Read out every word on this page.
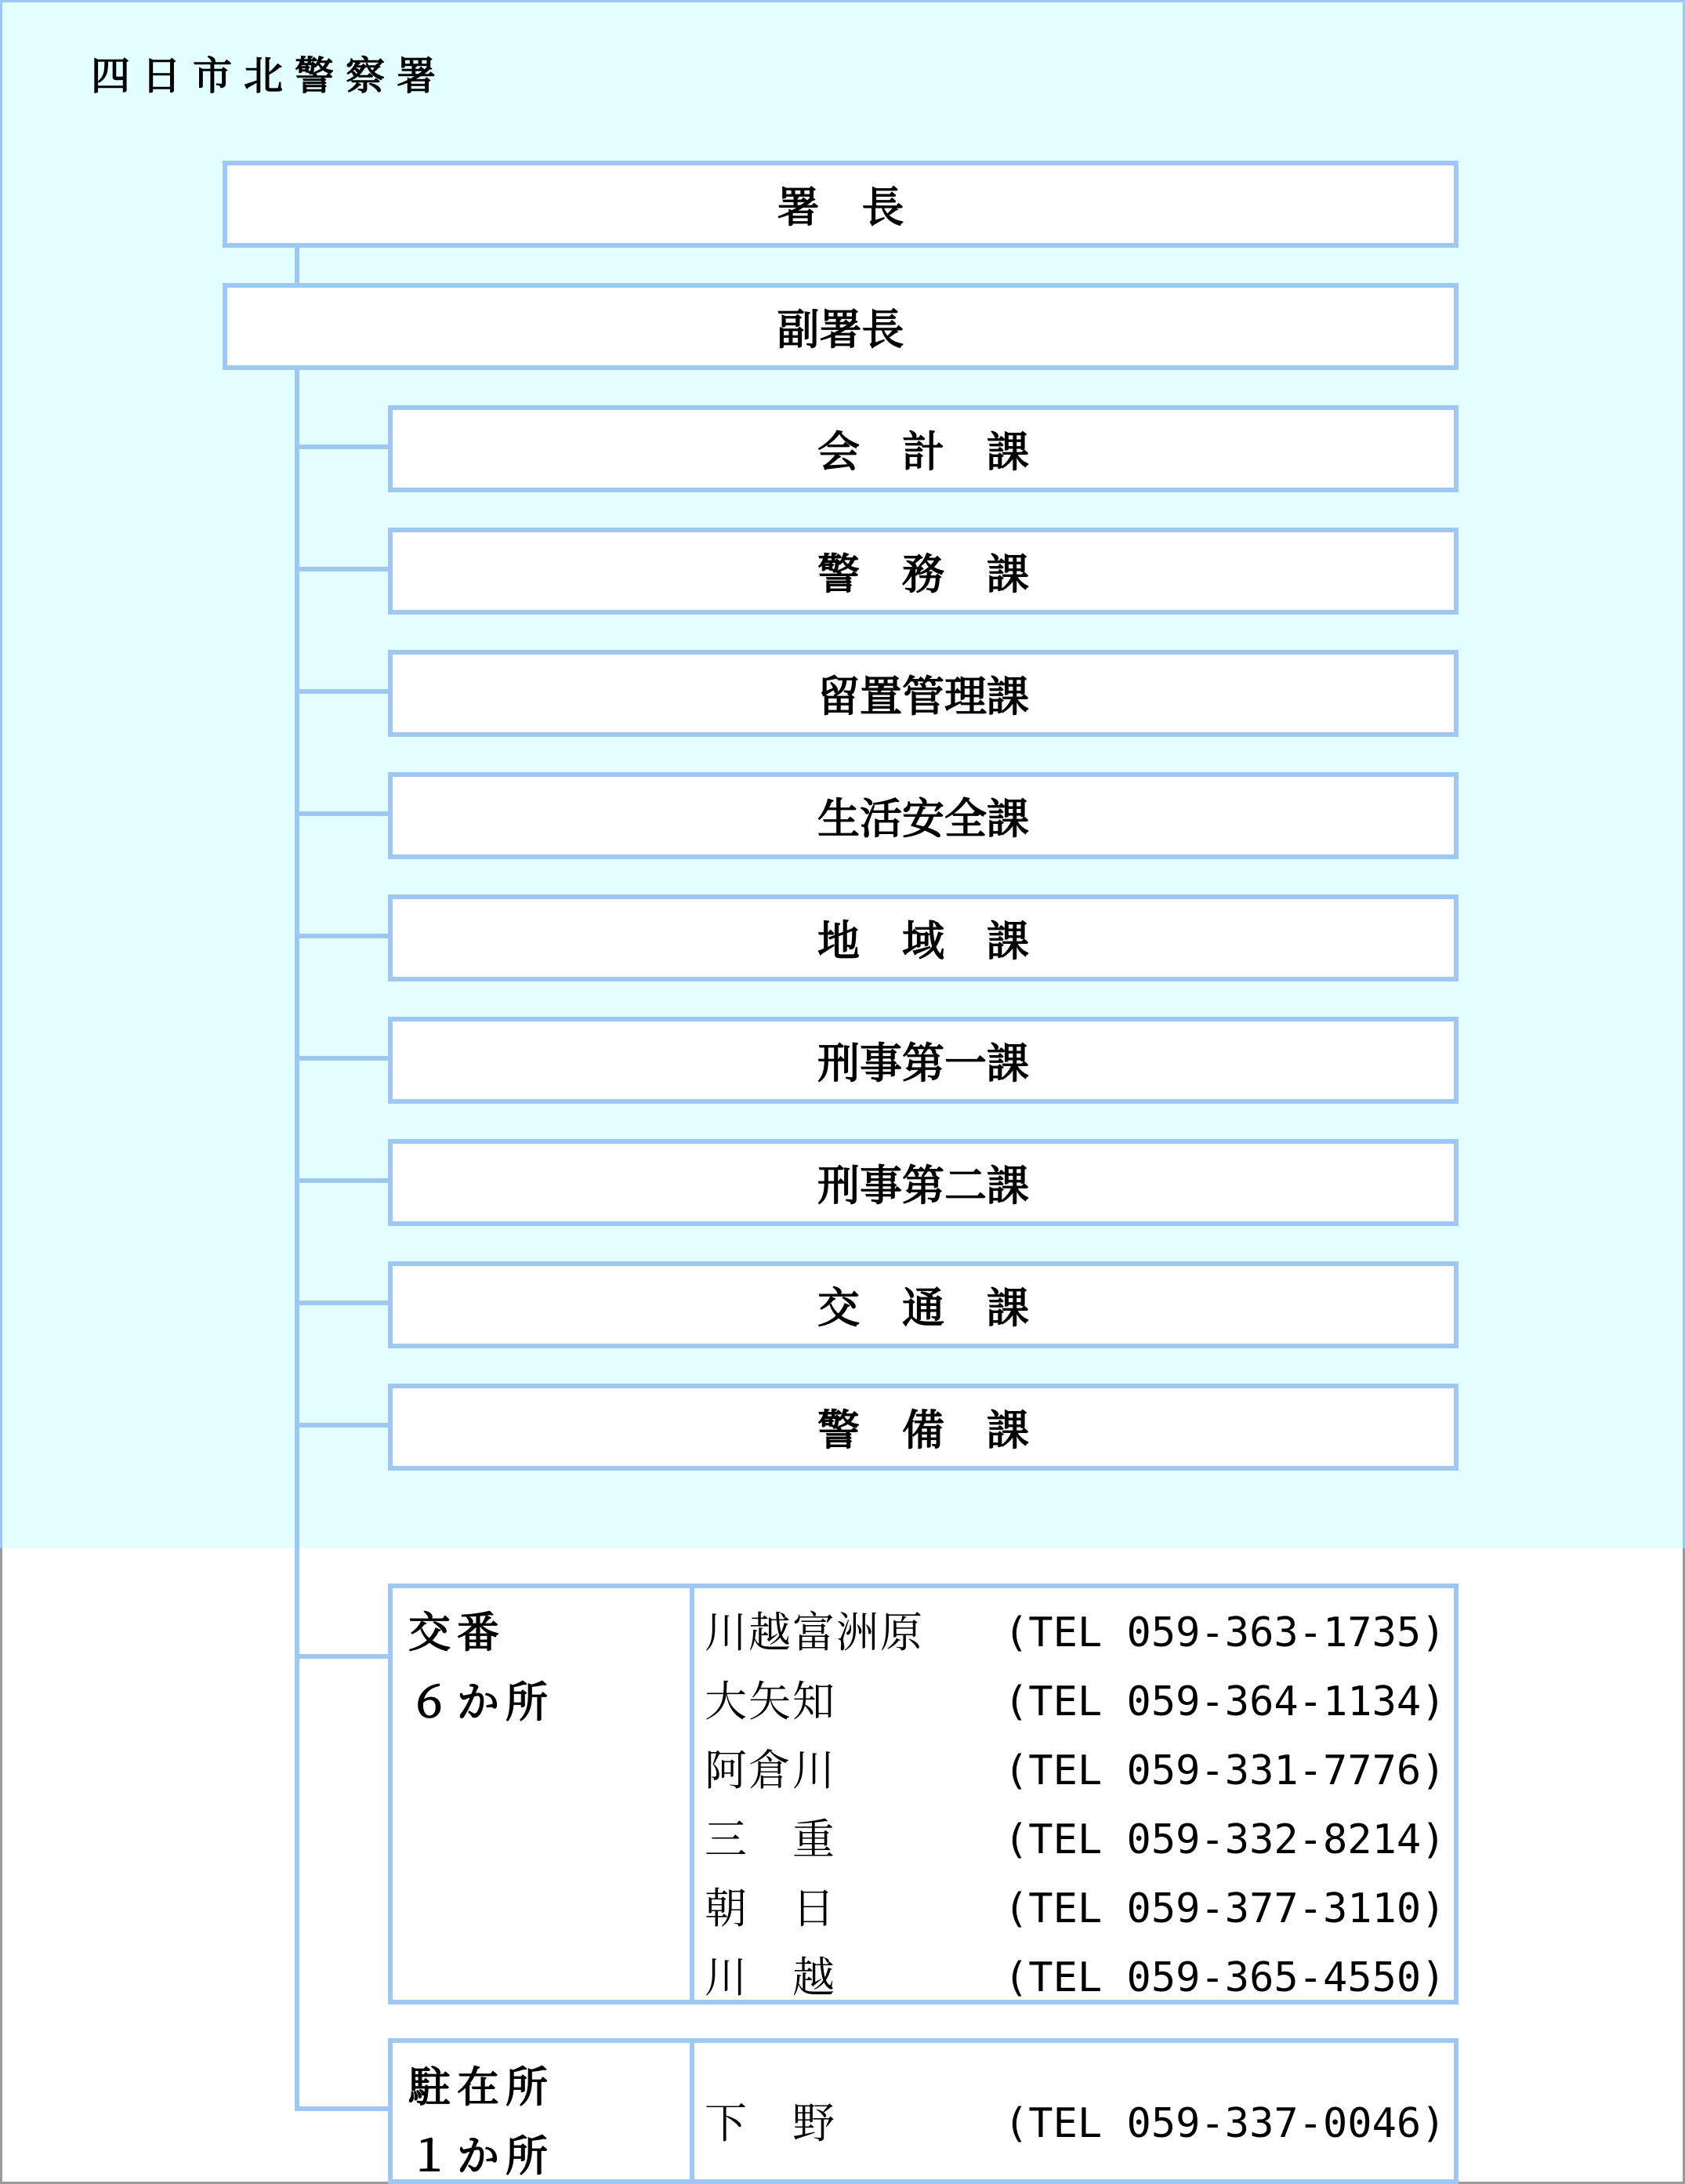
四日市北警察署
署　長
副署長
会　計　課
警　務　課
留置管理課
生活安全課
地　域　課
刑事第一課
刑事第二課
交　通　課
警　備　課
交番
６か所
川越富洲原 (TEL 059-363-1735)
大矢知	(TEL 059-364-1134)
阿倉川	(TEL 059-331-7776)
三　重	(TEL 059-332-8214)
朝　日	(TEL 059-377-3110)
川　越	(TEL 059-365-4550)
駐在所
１か所
下　野	(TEL 059-337-0046)
